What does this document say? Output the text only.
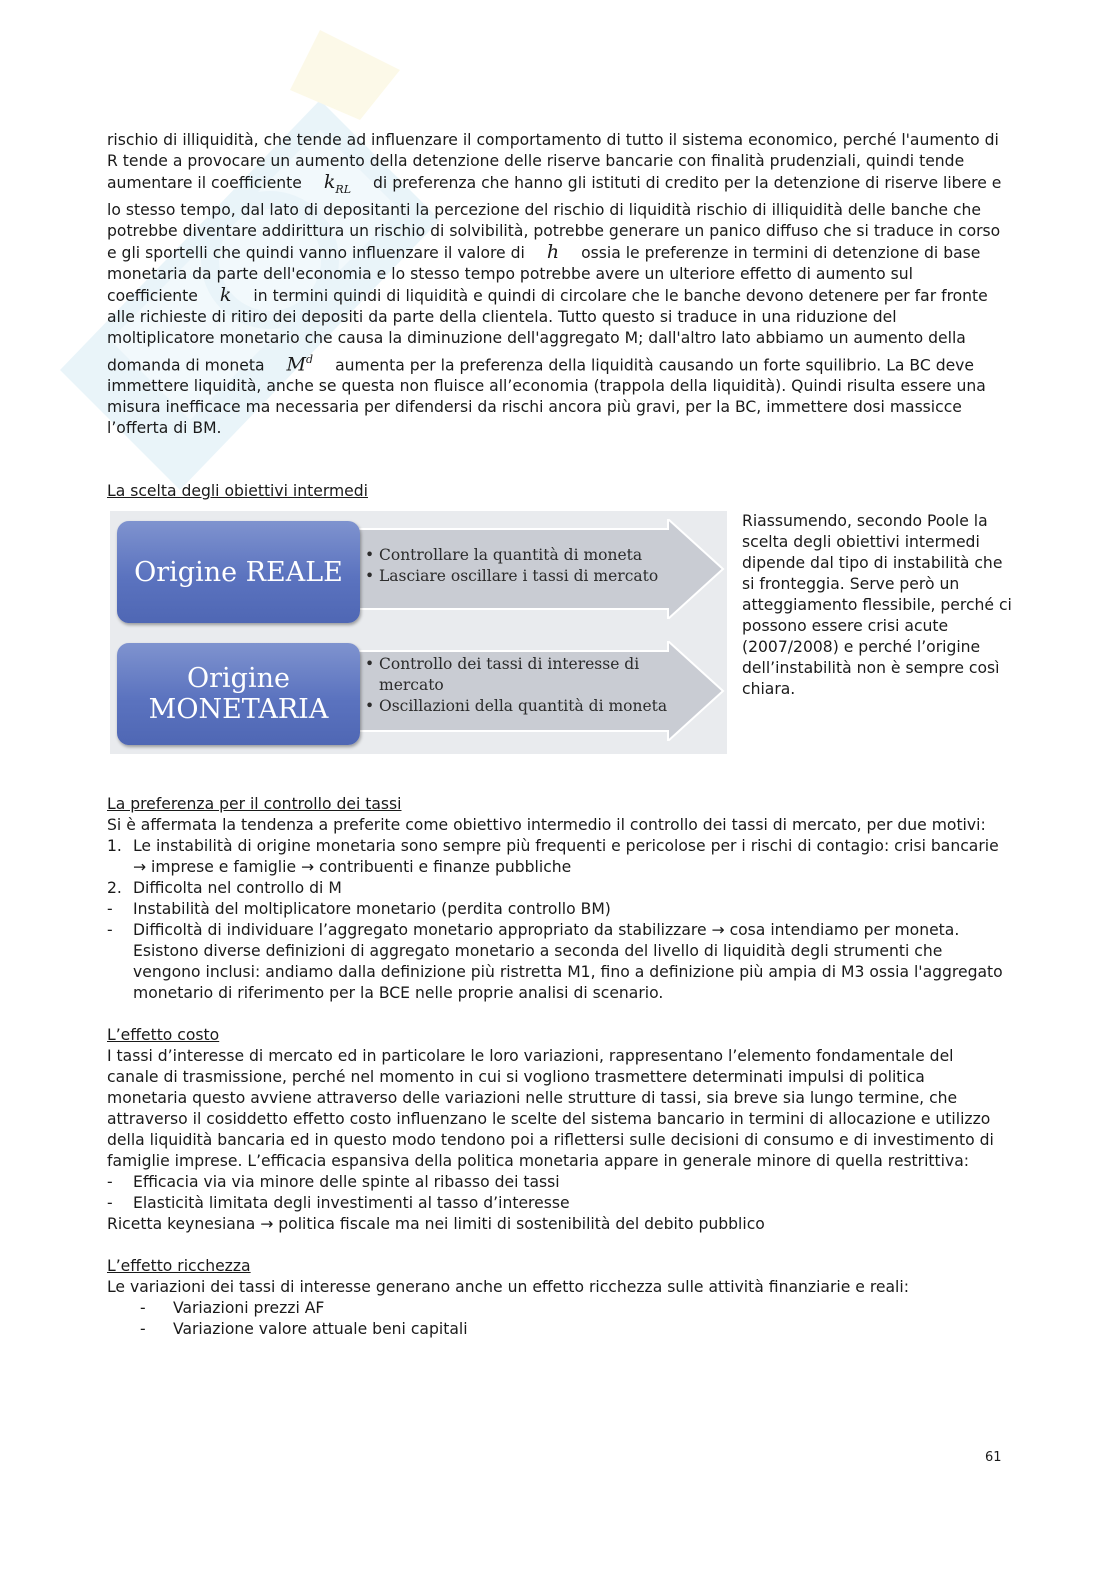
rischio di illiquidità, che tende ad influenzare il comportamento di tutto il sistema economico, perché l'aumento di R tende a provocare un aumento della detenzione delle riserve bancarie con finalità prudenziali, quindi tende aumentare il coefficiente $k_{RL}$ di preferenza che hanno gli istituti di credito per la detenzione di riserve libere e lo stesso tempo, dal lato di depositanti la percezione del rischio di liquidità rischio di illiquidità delle banche che potrebbe diventare addirittura un rischio di solvibilità, potrebbe generare un panico diffuso che si traduce in corso e gli sportelli che quindi vanno influenzare il valore di h ossia le preferenze in termini di detenzione di base monetaria da parte dell'economia e lo stesso tempo potrebbe avere un ulteriore effetto di aumento sul coefficiente k in termini quindi di liquidità e quindi di circolare che le banche devono detenere per far fronte alle richieste di ritiro dei depositi da parte della clientela. Tutto questo si traduce in una riduzione del moltiplicatore monetario che causa la diminuzione dell'aggregato M; dall'altro lato abbiamo un aumento della domanda di moneta $M^d$ aumenta per la preferenza della liquidità causando un forte squilibrio. La BC deve immettere liquidità, anche se questa non fluisce all’economia (trappola della liquidità). Quindi risulta essere una misura inefficace ma necessaria per difendersi da rischi ancora più gravi, per la BC, immettere dosi massicce l’offerta di BM.

La scelta degli obiettivi intermedi

Origine REALE
• Controllare la quantità di moneta
• Lasciare oscillare i tassi di mercato
Origine
MONETARIA
• Controllo dei tassi di interesse di mercato
• Oscillazioni della quantità di moneta

Riassumendo, secondo Poole la scelta degli obiettivi intermedi dipende dal tipo di instabilità che si fronteggia. Serve però un atteggiamento flessibile, perché ci possono essere crisi acute (2007/2008) e perché l’origine dell’instabilità non è sempre così chiara.

La preferenza per il controllo dei tassi

Si è affermata la tendenza a preferite come obiettivo intermedio il controllo dei tassi di mercato, per due motivi:

1. Le instabilità di origine monetaria sono sempre più frequenti e pericolose per i rischi di contagio: crisi bancarie → imprese e famiglie → contribuenti e finanze pubbliche
2. Difficolta nel controllo di M
- Instabilità del moltiplicatore monetario (perdita controllo BM)
- Difficoltà di individuare l’aggregato monetario appropriato da stabilizzare → cosa intendiamo per moneta. Esistono diverse definizioni di aggregato monetario a seconda del livello di liquidità degli strumenti che vengono inclusi: andiamo dalla definizione più ristretta M1, fino a definizione più ampia di M3 ossia l'aggregato monetario di riferimento per la BCE nelle proprie analisi di scenario.

L’effetto costo

I tassi d’interesse di mercato ed in particolare le loro variazioni, rappresentano l’elemento fondamentale del canale di trasmissione, perché nel momento in cui si vogliono trasmettere determinati impulsi di politica monetaria questo avviene attraverso delle variazioni nelle strutture di tassi, sia breve sia lungo termine, che attraverso il cosiddetto effetto costo influenzano le scelte del sistema bancario in termini di allocazione e utilizzo della liquidità bancaria ed in questo modo tendono poi a riflettersi sulle decisioni di consumo e di investimento di famiglie imprese. L’efficacia espansiva della politica monetaria appare in generale minore di quella restrittiva:

- Efficacia via via minore delle spinte al ribasso dei tassi
- Elasticità limitata degli investimenti al tasso d’interesse

Ricetta keynesiana → politica fiscale ma nei limiti di sostenibilità del debito pubblico

L’effetto ricchezza

Le variazioni dei tassi di interesse generano anche un effetto ricchezza sulle attività finanziarie e reali:

- Variazioni prezzi AF
- Variazione valore attuale beni capitali
61
